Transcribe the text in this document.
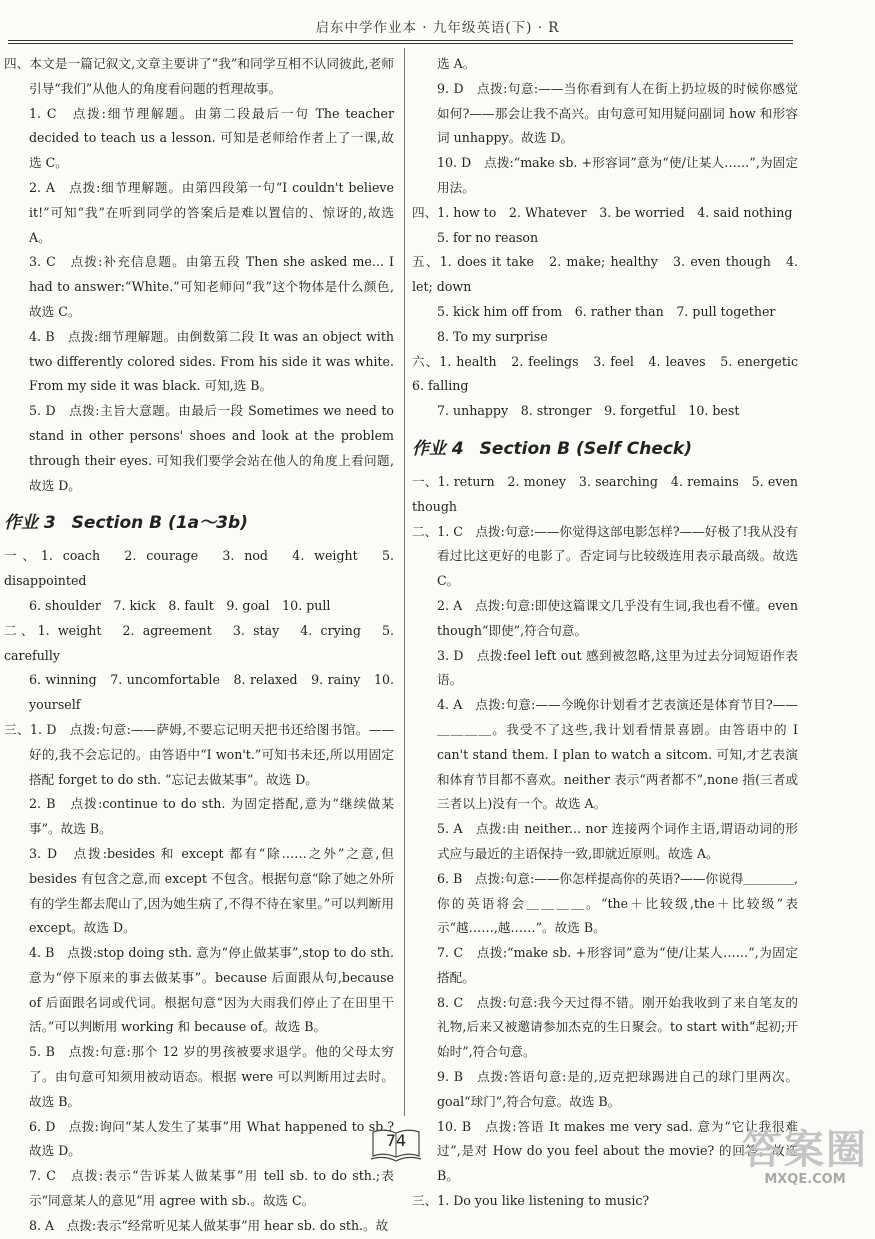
启东中学作业本 · 九年级英语(下) · R

四、本文是一篇记叙文,文章主要讲了“我”和同学互相不认同彼此,老师引导“我们”从他人的角度看问题的哲理故事。

1. C　点拨:细节理解题。由第二段最后一句 The teacher decided to teach us a lesson. 可知是老师给作者上了一课,故选 C。

2. A　点拨:细节理解题。由第四段第一句“I couldn't believe it!”可知“我”在听到同学的答案后是难以置信的、惊讶的,故选 A。

3. C　点拨:补充信息题。由第五段 Then she asked me... I had to answer:“White.”可知老师问“我”这个物体是什么颜色,故选 C。

4. B　点拨:细节理解题。由倒数第二段 It was an object with two differently colored sides. From his side it was white. From my side it was black. 可知,选 B。

5. D　点拨:主旨大意题。由最后一段 Sometimes we need to stand in other persons' shoes and look at the problem through their eyes. 可知我们要学会站在他人的角度上看问题,故选 D。

作业 3 Section B (1a～3b)

一、1. coach　2. courage　3. nod　4. weight　5. disappointed

6. shoulder　7. kick　8. fault　9. goal　10. pull

二、1. weight　2. agreement　3. stay　4. crying　5. carefully

6. winning　7. uncomfortable　8. relaxed　9. rainy　10. yourself

三、1. D　点拨:句意:——萨姆,不要忘记明天把书还给图书馆。——好的,我不会忘记的。由答语中“I won't.”可知书未还,所以用固定搭配 forget to do sth. “忘记去做某事”。故选 D。

2. B　点拨:continue to do sth. 为固定搭配,意为“继续做某事”。故选 B。

3. D　点拨:besides 和 except 都有“除……之外”之意,但 besides 有包含之意,而 except 不包含。根据句意“除了她之外所有的学生都去爬山了,因为她生病了,不得不待在家里。”可以判断用 except。故选 D。

4. B　点拨:stop doing sth. 意为“停止做某事”,stop to do sth. 意为“停下原来的事去做某事”。because 后面跟从句,because of 后面跟名词或代词。根据句意“因为大雨我们停止了在田里干活。”可以判断用 working 和 because of。故选 B。

5. B　点拨:句意:那个 12 岁的男孩被要求退学。他的父母太穷了。由句意可知须用被动语态。根据 were 可以判断用过去时。故选 B。

6. D　点拨:询问“某人发生了某事”用 What happened to sb.? 故选 D。

7. C　点拨:表示“告诉某人做某事”用 tell sb. to do sth.;表示“同意某人的意见”用 agree with sb.。故选 C。

8. A　点拨:表示“经常听见某人做某事”用 hear sb. do sth.。故

选 A。

9. D　点拨:句意:——当你看到有人在街上扔垃圾的时候你感觉如何?——那会让我不高兴。由句意可知用疑问副词 how 和形容词 unhappy。故选 D。

10. D　点拨:“make sb. +形容词”意为“使/让某人……”,为固定用法。

四、1. how to　2. Whatever　3. be worried　4. said nothing

5. for no reason

五、1. does it take　2. make; healthy　3. even though　4. let; down

5. kick him off from　6. rather than　7. pull together

8. To my surprise

六、1. health　2. feelings　3. feel　4. leaves　5. energetic　6. falling

7. unhappy　8. stronger　9. forgetful　10. best

作业 4 Section B (Self Check)

一、1. return　2. money　3. searching　4. remains　5. even though

二、1. C　点拨:句意:——你觉得这部电影怎样?——好极了!我从没有看过比这更好的电影了。否定词与比较级连用表示最高级。故选 C。

2. A　点拨:句意:即使这篇课文几乎没有生词,我也看不懂。even though“即使”,符合句意。

3. D　点拨:feel left out 感到被忽略,这里为过去分词短语作表语。

4. A　点拨:句意:——今晚你计划看才艺表演还是体育节目?——＿＿＿＿。我受不了这些,我计划看情景喜剧。由答语中的 I can't stand them. I plan to watch a sitcom. 可知,才艺表演和体育节目都不喜欢。neither 表示“两者都不”,none 指(三者或三者以上)没有一个。故选 A。

5. A　点拨:由 neither... nor 连接两个词作主语,谓语动词的形式应与最近的主语保持一致,即就近原则。故选 A。

6. B　点拨:句意:——你怎样提高你的英语?——你说得＿＿＿＿,你的英语将会＿＿＿＿。“the＋比较级,the＋比较级”表示“越……,越……”。故选 B。

7. C　点拨:“make sb. +形容词”意为“使/让某人……”,为固定搭配。

8. C　点拨:句意:我今天过得不错。刚开始我收到了来自笔友的礼物,后来又被邀请参加杰克的生日聚会。to start with“起初;开始时”,符合句意。

9. B　点拨:答语句意:是的,迈克把球踢进自己的球门里两次。goal“球门”,符合句意。故选 B。

10. B　点拨:答语 It makes me very sad. 意为“它让我很难过”,是对 How do you feel about the movie? 的回答。故选 B。

三、1. Do you like listening to music?

74	答案圈
MXQE.COM
